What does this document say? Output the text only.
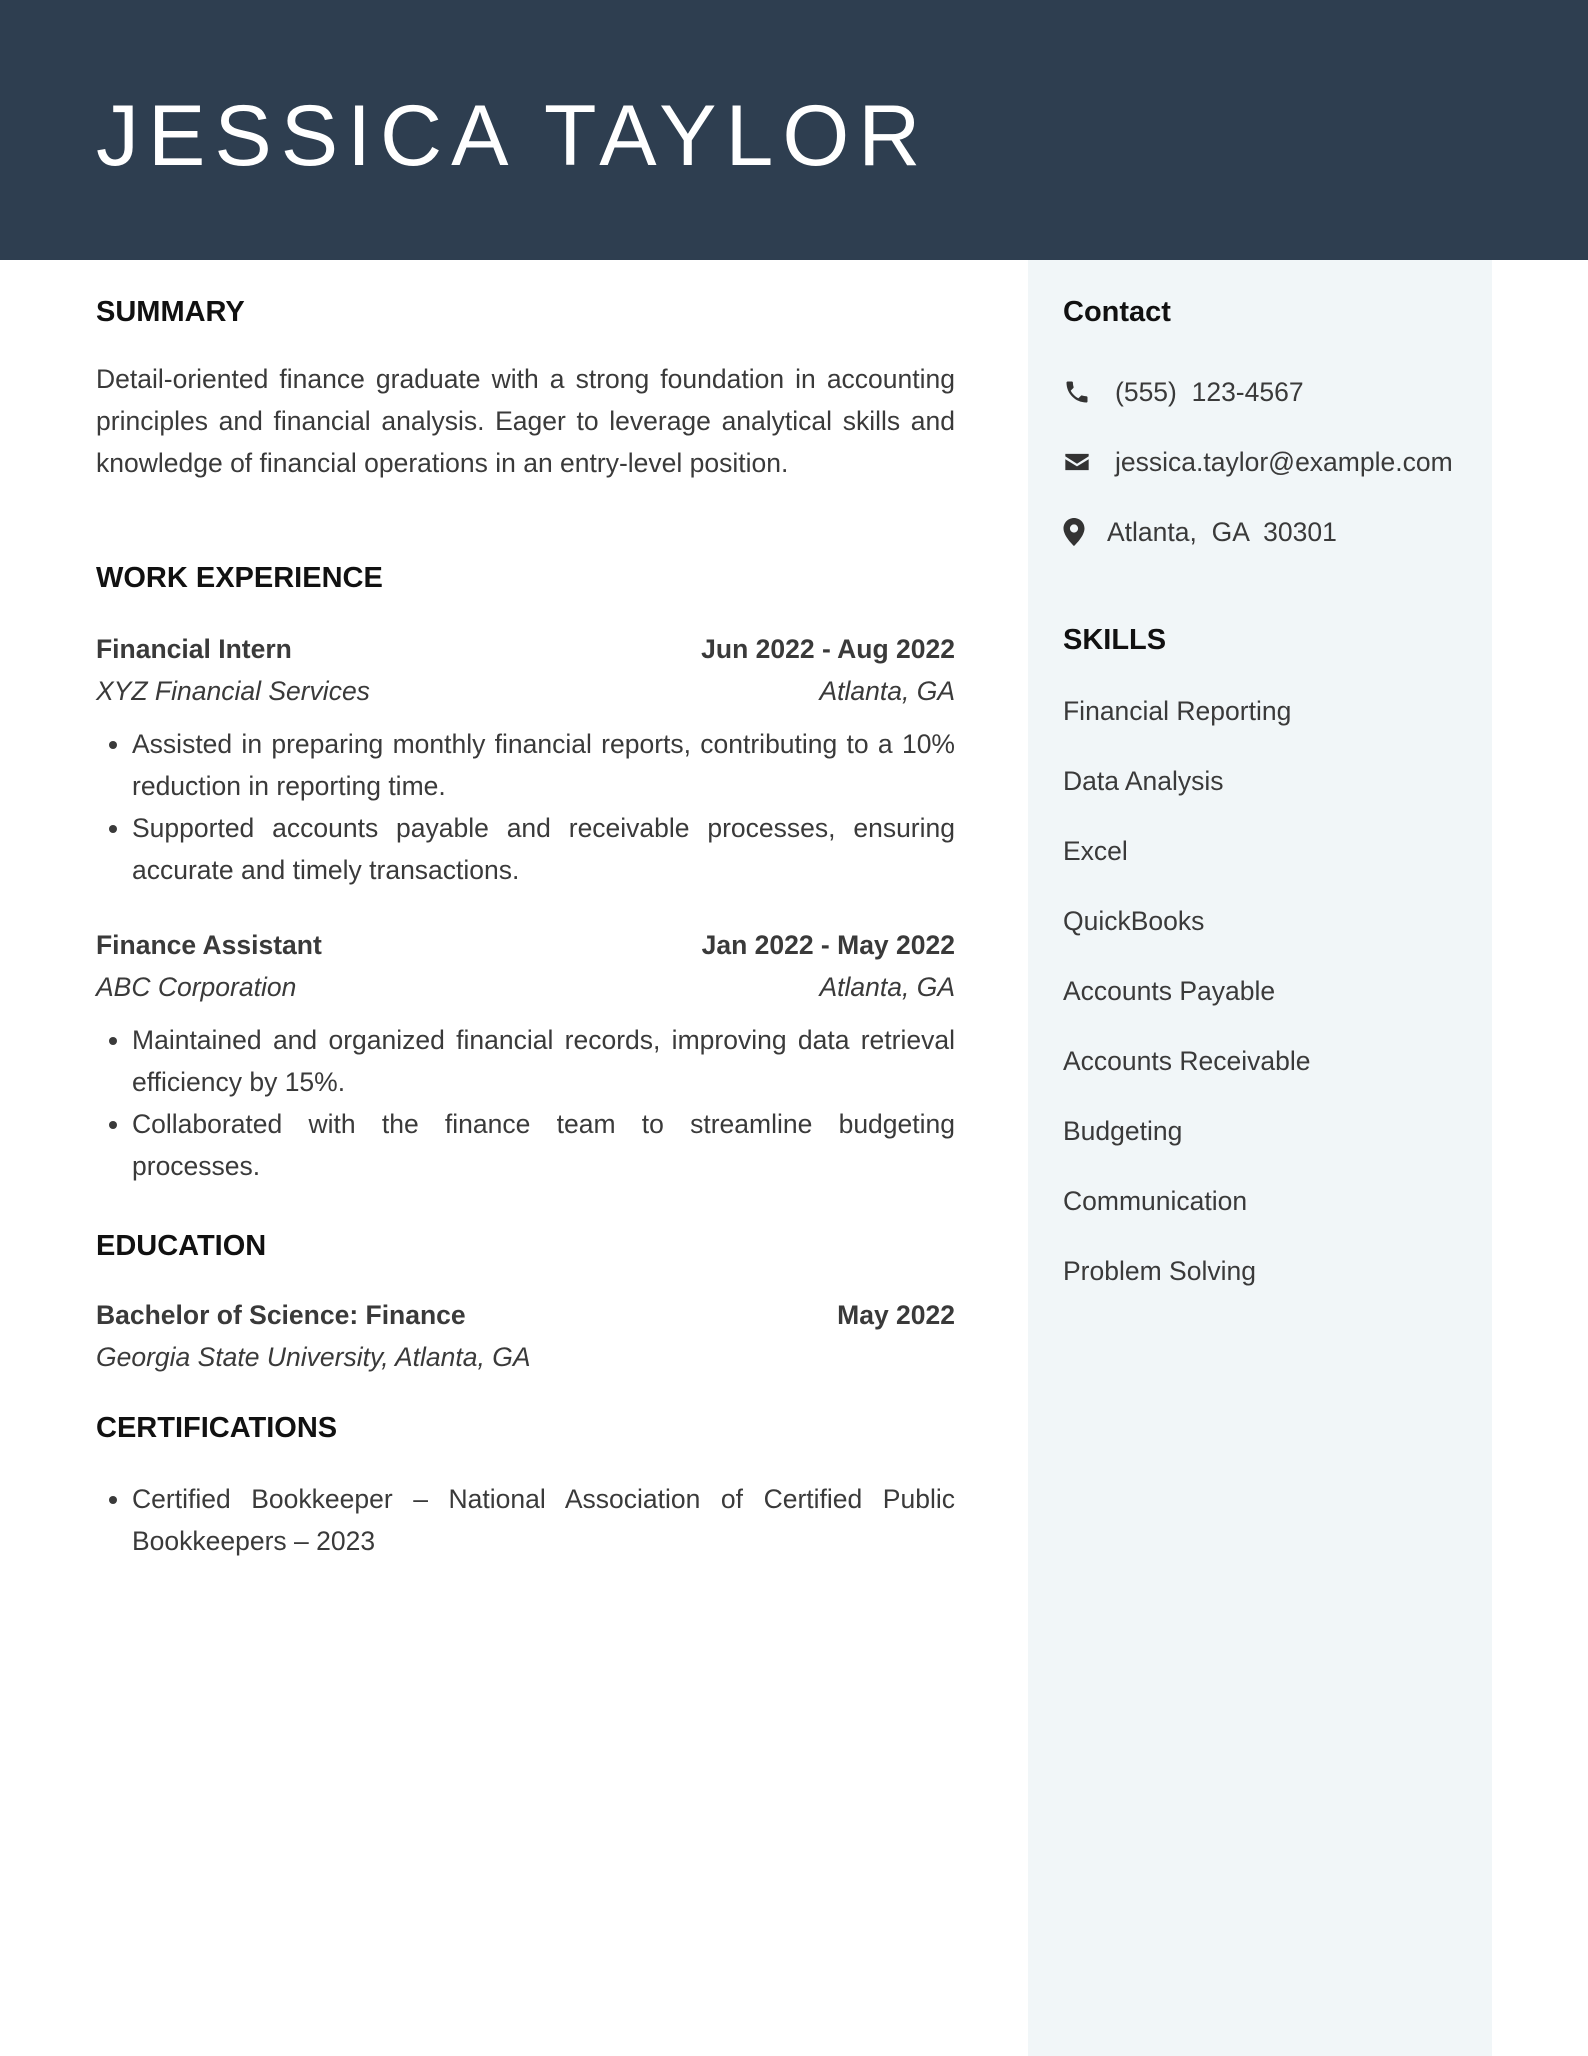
JESSICA TAYLOR
SUMMARY

Detail-oriented finance graduate with a strong foundation in accounting principles and financial analysis. Eager to leverage analytical skills and knowledge of financial operations in an entry-level position.

WORK EXPERIENCE
Financial Intern	Jun 2022 - Aug 2022
XYZ Financial Services	Atlanta, GA
• Assisted in preparing monthly financial reports, contributing to a 10% reduction in reporting time.
• Supported accounts payable and receivable processes, ensuring accurate and timely transactions.
Finance Assistant	Jan 2022 - May 2022
ABC Corporation	Atlanta, GA
• Maintained and organized financial records, improving data retrieval efficiency by 15%.
• Collaborated with the finance team to streamline budgeting processes.
EDUCATION
Bachelor of Science: Finance	May 2022
Georgia State University, Atlanta, GA
CERTIFICATIONS
• Certified Bookkeeper – National Association of Certified Public Bookkeepers – 2023
Contact
(555)  123-4567
jessica.taylor@example.com
Atlanta,  GA  30301
SKILLS
Financial Reporting
Data Analysis
Excel
QuickBooks
Accounts Payable
Accounts Receivable
Budgeting
Communication
Problem Solving
